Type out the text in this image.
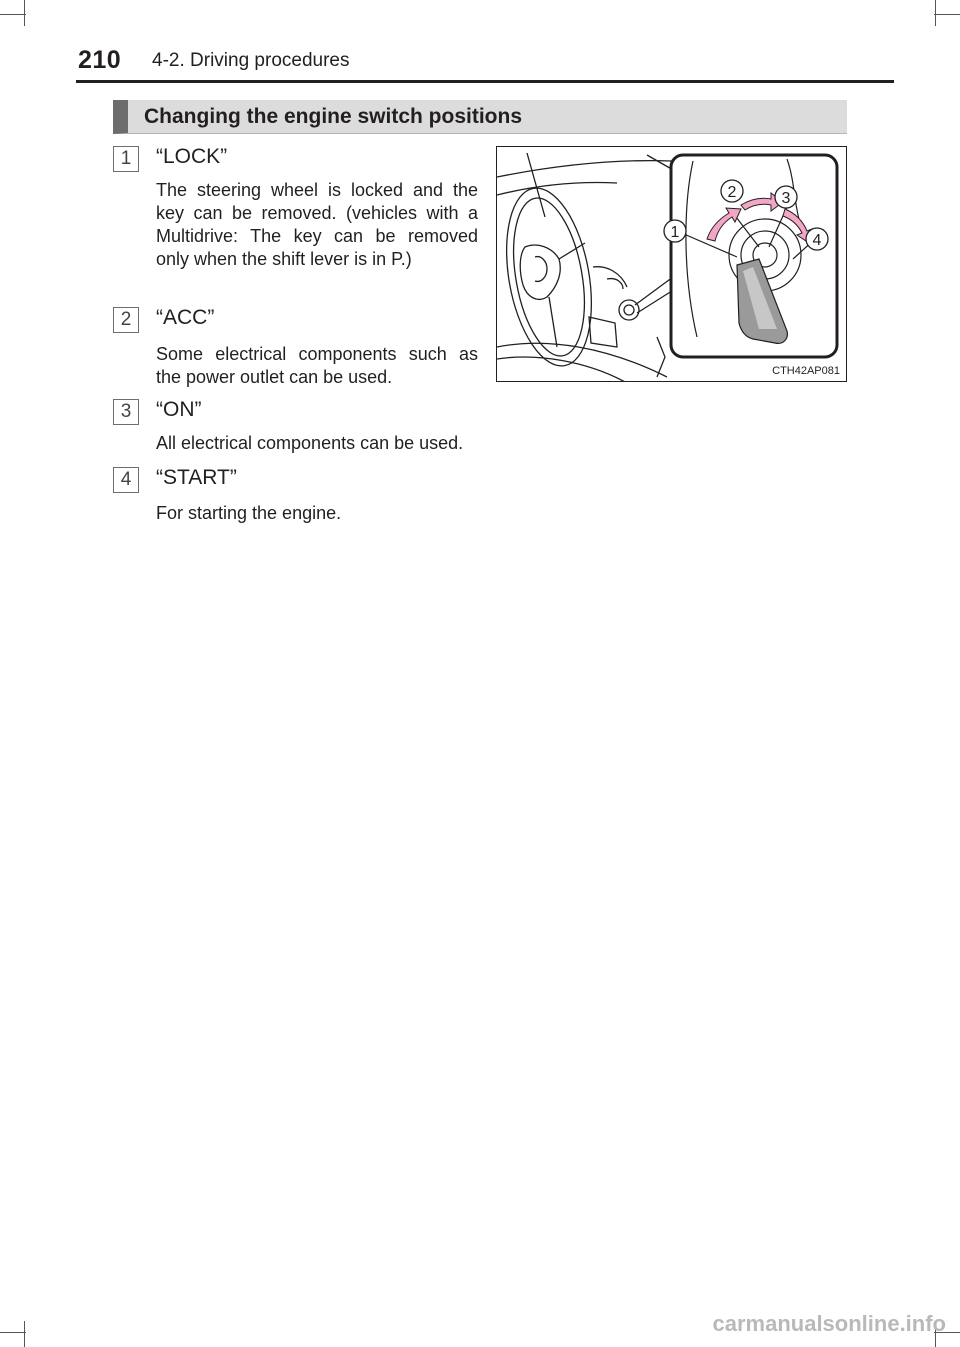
210 4-2. Driving procedures
Changing the engine switch positions
1	“LOCK”
The steering wheel is locked and the key can be removed. (vehicles with a Multidrive: The key can be removed only when the shift lever is in P.)
2	“ACC”
Some electrical components such as the power outlet can be used.
3	“ON”
All electrical components can be used.
4	“START”
For starting the engine.
1
2	3
4
CTH42AP081
carmanualsonline.info
